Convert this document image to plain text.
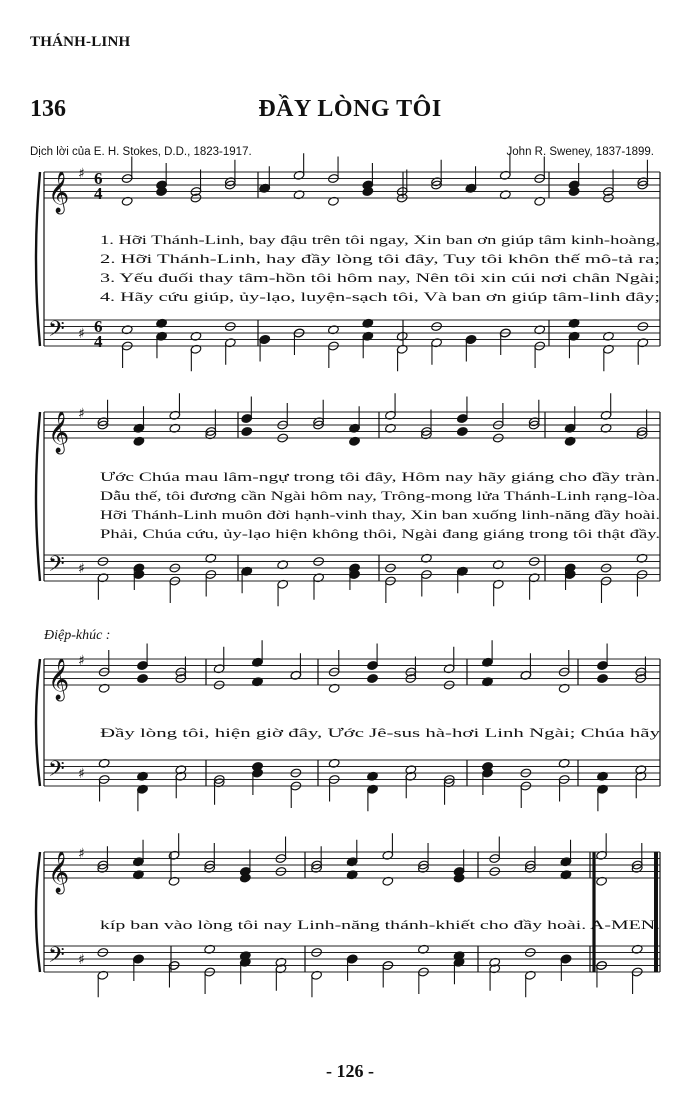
THÁNH-LINH
136	ĐẦY LÒNG TÔI
Dịch lời của E. H. Stokes, D.D., 1823-1917.	John R. Sweney, 1837-1899.
Điệp-khúc :
- 126 -
𝄞
𝄢
♯
♯
6
4
6
4
1. Hỡi Thánh-Linh, bay đậu trên tôi ngay, Xin ban ơn giúp tâm kinh-hoàng,
2. Hỡi Thánh-Linh, hay đầy lòng tôi đây, Tuy tôi khôn thế mô-tả ra;
3. Yếu đuối thay tâm-hồn tôi hôm nay, Nên tôi xin cúi nơi chân Ngài;
4. Hãy cứu giúp, ủy-lạo, luyện-sạch tôi, Và ban ơn giúp tâm-linh đây;
𝄞
𝄢
♯
♯
Ước Chúa mau lâm-ngự trong tôi đây, Hôm nay hãy giáng cho đầy tràn.
Dẫu thế, tôi đương cần Ngài hôm nay, Trông-mong lửa Thánh-Linh rạng-lòa.
Hỡi Thánh-Linh muôn đời hạnh-vinh thay, Xin ban xuống linh-năng đầy hoài.
Phải, Chúa cứu, ủy-lạo hiện không thôi, Ngài đang giáng trong tôi thật đầy.
𝄞
𝄢
♯
♯
Đầy lòng tôi, hiện giờ đây, Ước Jê-sus hà-hơi Linh Ngài; Chúa hãy
𝄞
𝄢
♯
♯
kíp ban vào lòng tôi nay Linh-năng thánh-khiết cho đầy hoài. A-MEN.
